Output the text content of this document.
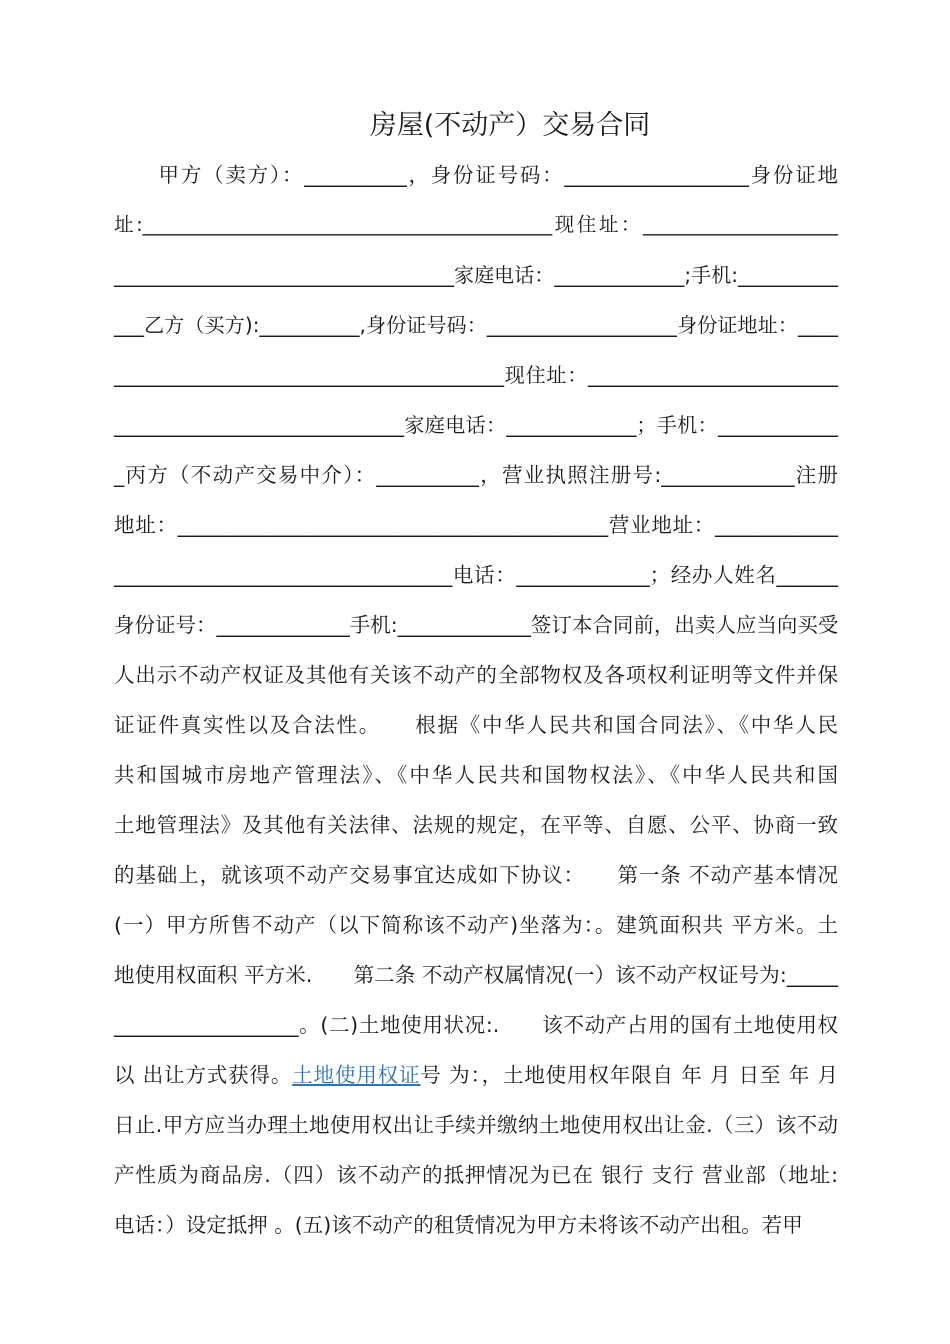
房屋(不动产）交易合同
　　甲方（卖方）：__________，身份证号码：__________________身份证地
址:__________________________________________现住址：____________________
__________________________________家庭电话：_____________;手机:__________
___乙方（买方):__________,身份证号码：___________________身份证地址：____
_______________________________________现住址：_________________________
_____________________________家庭电话：_____________；手机：____________
_丙方（不动产交易中介）：__________，营业执照注册号:_____________注册
地址：__________________________________________营业地址：____________
_________________________________电话：_____________；经办人姓名______
身份证号：_____________手机:_____________签订本合同前，出卖人应当向买受
人出示不动产权证及其他有关该不动产的全部物权及各项权利证明等文件并保
证证件真实性以及合法性。　　根据《中华人民共和国合同法》、《中华人民
共和国城市房地产管理法》、《中华人民共和国物权法》、《中华人民共和国
土地管理法》及其他有关法律、法规的规定，在平等、自愿、公平、协商一致
的基础上，就该项不动产交易事宜达成如下协议：　　第一条 不动产基本情况
(一）甲方所售不动产（以下简称该不动产)坐落为：。建筑面积共 平方米。土
地使用权面积 平方米.　　第二条 不动产权属情况(一）该不动产权证号为:_____
__________________。(二)土地使用状况:.　　该不动产占用的国有土地使用权
以 出让方式获得。土地使用权证号 为：，土地使用权年限自 年 月 日至 年 月
日止.甲方应当办理土地使用权出让手续并缴纳土地使用权出让金.（三）该不动
产性质为商品房.（四）该不动产的抵押情况为已在 银行 支行 营业部（地址:
电话：）设定抵押 。(五)该不动产的租赁情况为甲方未将该不动产出租。若甲
